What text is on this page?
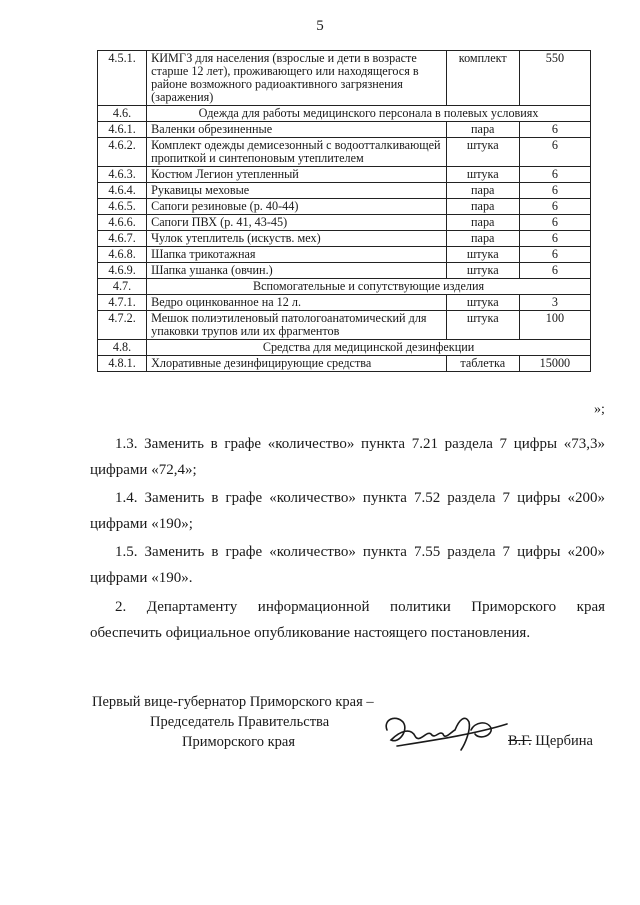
5
4.5.1.	КИМГЗ для населения (взрослые и дети в возрасте старше 12 лет), проживающего или находящегося в районе возможного радиоактивного загрязнения (заражения)	комплект	550
4.6.	Одежда для работы медицинского персонала в полевых условиях		
4.6.1.	Валенки обрезиненные	пара	6
4.6.2.	Комплект одежды демисезонный с водоотталкивающей пропиткой и синтепоновым утеплителем	штука	6
4.6.3.	Костюм Легион утепленный	штука	6
4.6.4.	Рукавицы меховые	пара	6
4.6.5.	Сапоги резиновые (р. 40-44)	пара	6
4.6.6.	Сапоги ПВХ (р. 41, 43-45)	пара	6
4.6.7.	Чулок утеплитель (искуств. мех)	пара	6
4.6.8.	Шапка трикотажная	штука	6
4.6.9.	Шапка ушанка (овчин.)	штука	6
4.7.	Вспомогательные и сопутствующие изделия		
4.7.1.	Ведро оцинкованное на 12 л.	штука	3
4.7.2.	Мешок полиэтиленовый патологоанатомический для упаковки трупов или их фрагментов	штука	100
4.8.	Средства для медицинской дезинфекции		
4.8.1.	Хлоративные дезинфицирующие средства	таблетка	15000
»;
1.3. Заменить в графе «количество» пункта 7.21 раздела 7 цифры «73,3»
цифрами «72,4»;
1.4. Заменить в графе «количество» пункта 7.52 раздела 7 цифры «200»
цифрами «190»;
1.5. Заменить в графе «количество» пункта 7.55 раздела 7 цифры «200»
цифрами «190».
2. Департаменту информационной политики Приморского края
обеспечить официальное опубликование настоящего постановления.
Первый вице-губернатор Приморского края –
Председатель Правительства
Приморского края	В.Г. Щербина
